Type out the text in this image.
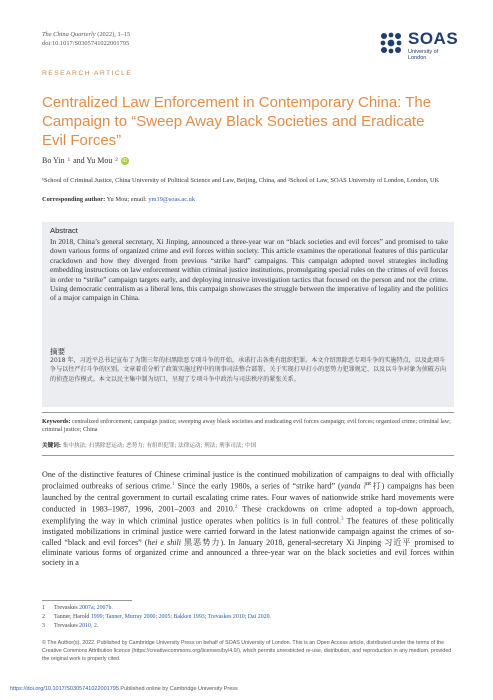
The China Quarterly (2022), 1–15
doi:10.1017/S0305741022001795	SOAS
University of London
RESEARCH ARTICLE
Centralized Law Enforcement in Contemporary China: The Campaign to “Sweep Away Black Societies and Eradicate Evil Forces”
Bo Yin 1 and Yu Mou 2 iD
¹School of Criminal Justice, China University of Political Science and Law, Beijing, China, and ²School of Law, SOAS University of London, London, UK
Corresponding author: Yu Mou; email: ym19@soas.ac.uk
Abstract
In 2018, China’s general secretary, Xi Jinping, announced a three-year war on “black societies and evil forces” and promised to take down various forms of organized crime and evil forces within society. This article examines the operational features of this particular crackdown and how they diverged from previous “strike hard” campaigns. This campaign adopted novel strategies including embedding instructions on law enforcement within criminal justice institutions, promulgating special rules on the crimes of evil forces in order to “strike” campaign targets early, and deploying intrusive investigation tactics that focused on the person and not the crime. Using democratic centralism as a liberal lens, this campaign showcases the struggle between the imperative of legality and the politics of a major campaign in China.
摘要
2018 年，习近平总书记宣布了为期三年的扫黑除恶专项斗争的开始，承诺打击各类有组织犯罪。本文介绍黑除恶专项斗争的实施特点，以及此项斗争与以往严打斗争的区别。文章着重分析了政策实施过程中的刑事司法整合部署、关于实现打早打小的恶势力犯罪规定、以及以斗争对象为侦破方向的侦查运作模式。本文以民主集中制为切口，呈现了专项斗争中政治与司法秩序的紧张关系。
Keywords: centralized enforcement; campaign justice; sweeping away black societies and eradicating evil forces campaign; evil forces; organized crime; criminal law; criminal justice; China
关键词: 集中执法; 扫黑除恶运动; 恶势力; 有组织犯罪; 法律运动; 刑法; 刑事司法; 中国
One of the distinctive features of Chinese criminal justice is the continued mobilization of campaigns to deal with officially proclaimed outbreaks of serious crime.$^1$ Since the early 1980s, a series of “strike hard” (yanda 严打) campaigns has been launched by the central government to curtail escalating crime rates. Four waves of nationwide strike hard movements were conducted in 1983–1987, 1996, 2001–2003 and 2010.$^2$ These crackdowns on crime adopted a top-down approach, exemplifying the way in which criminal justice operates when politics is in full control.$^3$ The features of these politically instigated mobilizations in criminal justice were carried forward in the latest nationwide campaign against the crimes of so-called “black and evil forces” (hei e shili 黑恶势力). In January 2018, general-secretary Xi Jinping 习近平 promised to eliminate various forms of organized crime and announced a three-year war on the black societies and evil forces within society in a
1 Trevaskes 2007a; 2007b.
2 Tanner, Harold 1999; Tanner, Murray 2000; 2005; Bakken 1993; Trevaskes 2010; Dai 2020.
3 Trevaskes 2010, 2.
© The Author(s), 2022. Published by Cambridge University Press on behalf of SOAS University of London. This is an Open Access article, distributed under the terms of the Creative Commons Attribution licence (https://creativecommons.org/licenses/by/4.0/), which permits unrestricted re-use, distribution, and reproduction in any medium, provided the original work is properly cited.
https://doi.org/10.1017/S0305741022001795 Published online by Cambridge University Press
